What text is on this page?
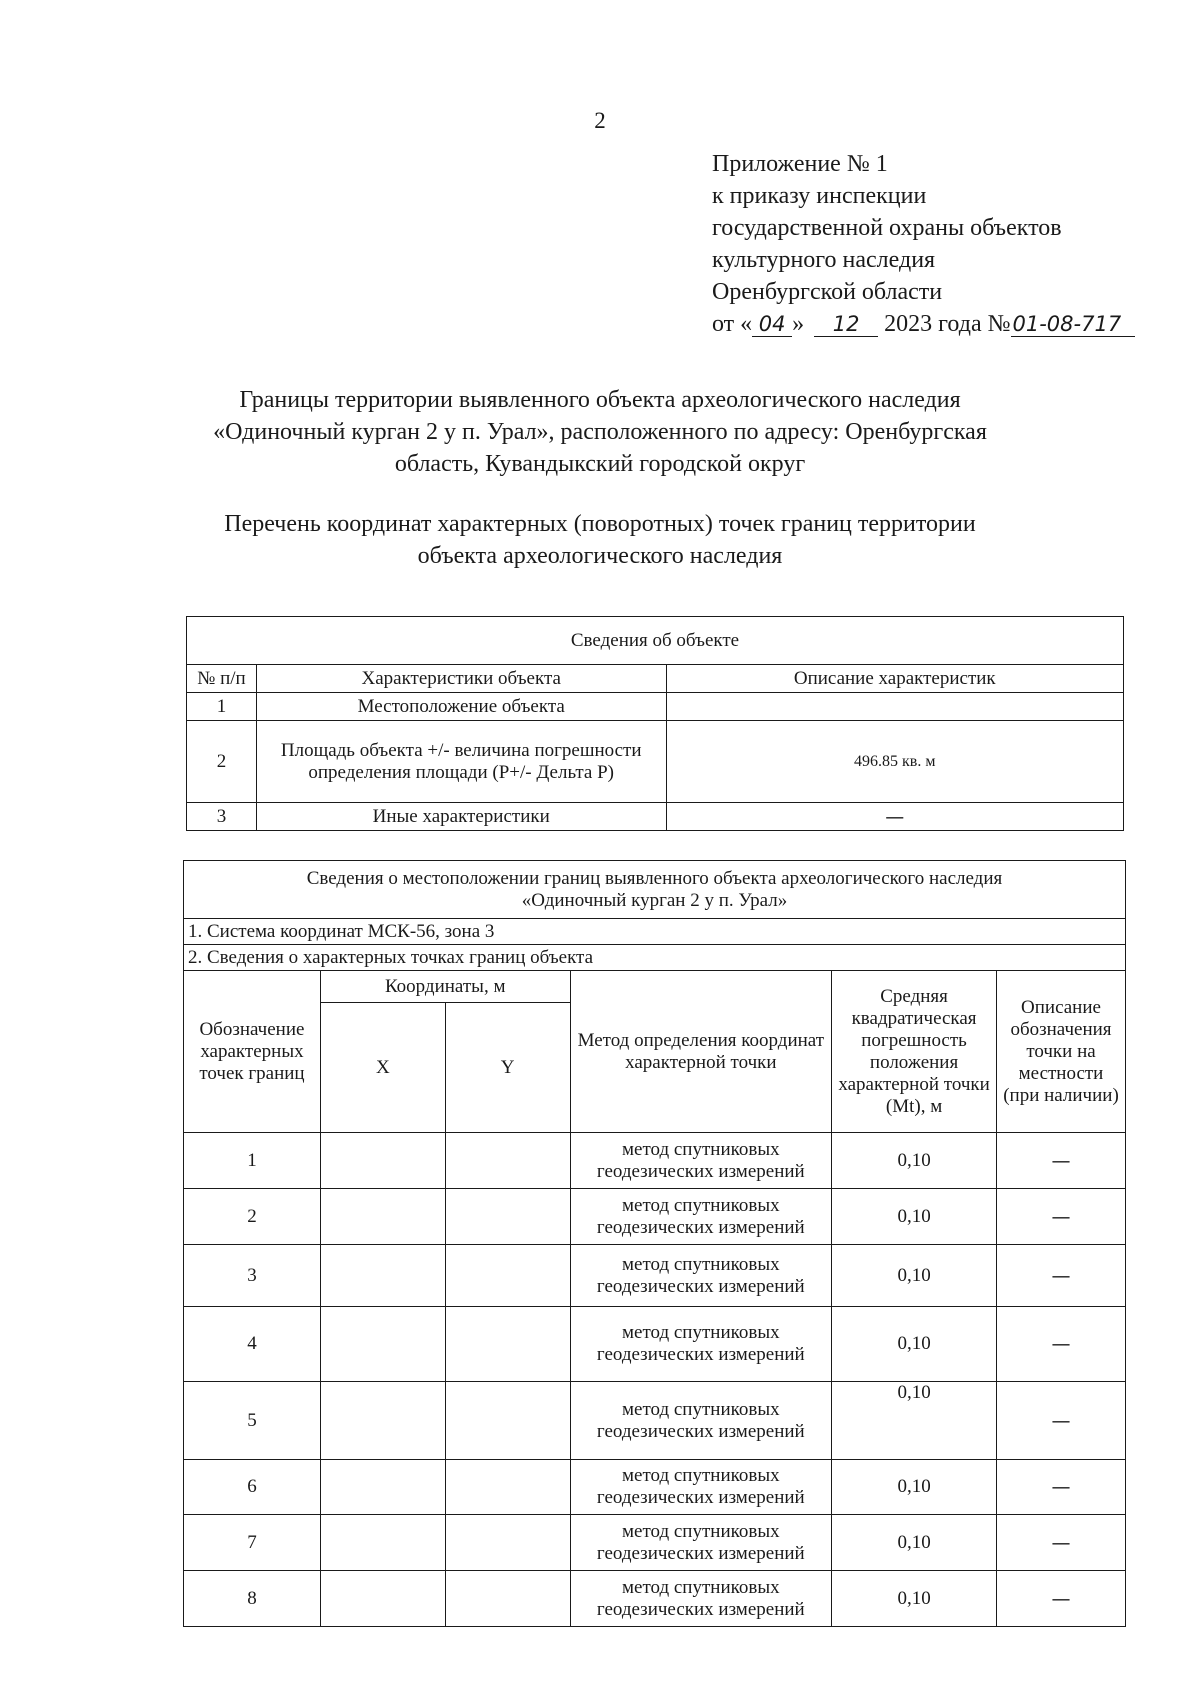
2
Приложение № 1
к приказу инспекции
государственной охраны объектов
культурного наследия
Оренбургской области
от « 04 » 12 2023 года №01-08-717
Границы территории выявленного объекта археологического наследия
«Одиночный курган 2 у п. Урал», расположенного по адресу: Оренбургская
область, Кувандыкский городской округ
Перечень координат характерных (поворотных) точек границ территории
объекта археологического наследия
Сведения об объекте		
№ п/п	Характеристики объекта	Описание характеристик
1	Местоположение объекта	
2	Площадь объекта +/- величина погрешности определения площади (P+/- Дельта P)	496.85 кв. м
3	Иные характеристики	—
Сведения о местоположении границ выявленного объекта археологического наследия
«Одиночный курган 2 у п. Урал»					

1. Система координат МСК-56, зона 3					
2. Сведения о характерных точках границ объекта					
Обозначение характерных точек границ	Координаты, м		Метод определения координат характерной точки	Средняя квадратическая погрешность положения характерной точки (Mt), м	Описание обозначения точки на местности (при наличии)
	X	Y			
1			метод спутниковых геодезических измерений	0,10	—
2			метод спутниковых геодезических измерений	0,10	—
3			метод спутниковых геодезических измерений	0,10	—
4			метод спутниковых геодезических измерений	0,10	—
5			метод спутниковых геодезических измерений	0,10	—
6			метод спутниковых геодезических измерений	0,10	—
7			метод спутниковых геодезических измерений	0,10	—
8			метод спутниковых геодезических измерений	0,10	—
